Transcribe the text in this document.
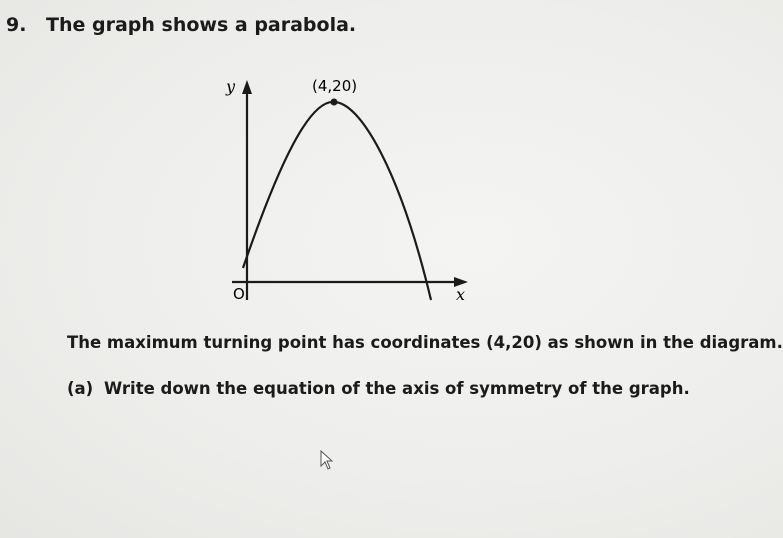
9. The graph shows a parabola.
y
x
O
(4,20)
The maximum turning point has coordinates (4,20) as shown in the diagram.
(a) Write down the equation of the axis of symmetry of the graph.
